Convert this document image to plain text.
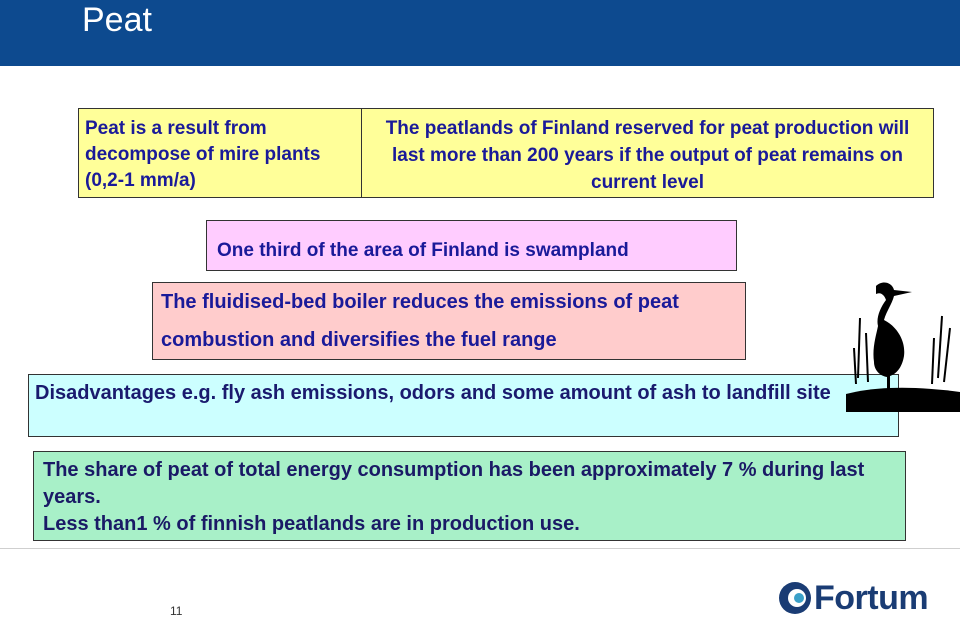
Peat
Peat is a result from decompose of mire plants (0,2-1 mm/a)
The peatlands of Finland reserved for peat production will last more than 200 years if the output of peat remains on current level
One third of the area of Finland is swampland
The fluidised-bed boiler reduces the emissions of peat combustion and diversifies the fuel range
Disadvantages e.g. fly ash emissions, odors and some amount of ash to landfill site
The share of peat of total energy consumption has been approximately 7 % during last years.
Less than1 % of finnish peatlands are in production use.
11	Fortum
